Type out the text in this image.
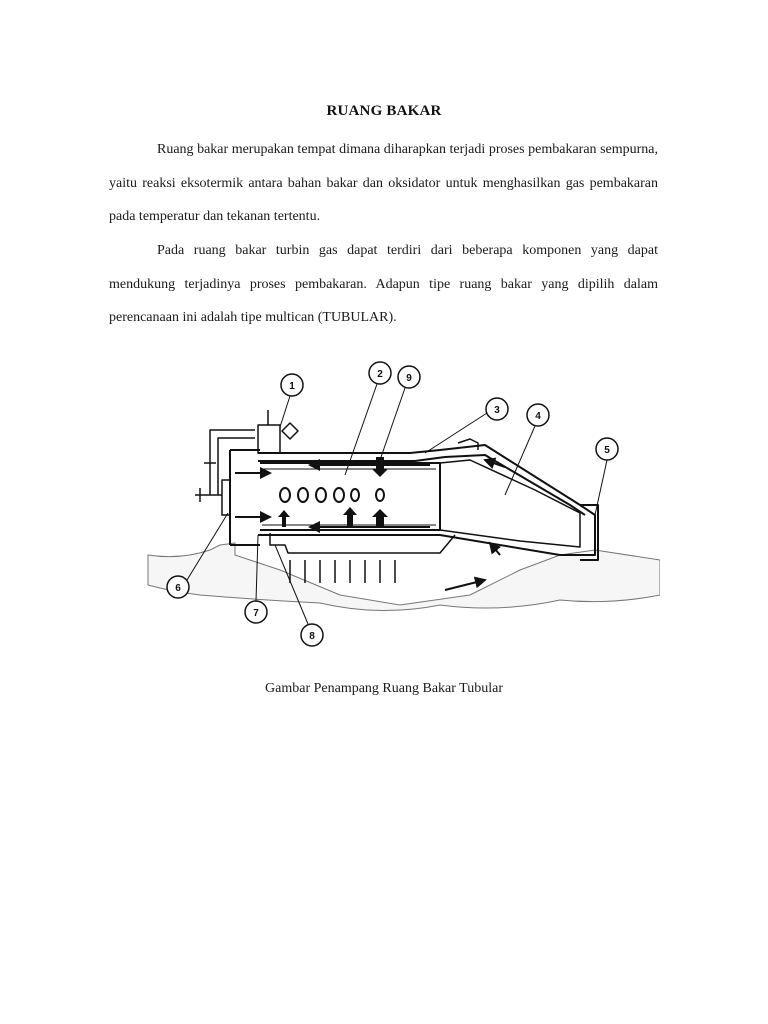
RUANG BAKAR

Ruang bakar merupakan tempat dimana diharapkan terjadi proses pembakaran sempurna, yaitu reaksi eksotermik antara bahan bakar dan oksidator untuk menghasilkan gas pembakaran pada temperatur dan tekanan tertentu.

Pada ruang bakar turbin gas dapat terdiri dari beberapa komponen yang dapat mendukung terjadinya proses pembakaran. Adapun tipe ruang bakar yang dipilih dalam perencanaan ini adalah tipe multican (TUBULAR).

1
2 9
3
4
5
6
7
8
Gambar Penampang Ruang Bakar Tubular
